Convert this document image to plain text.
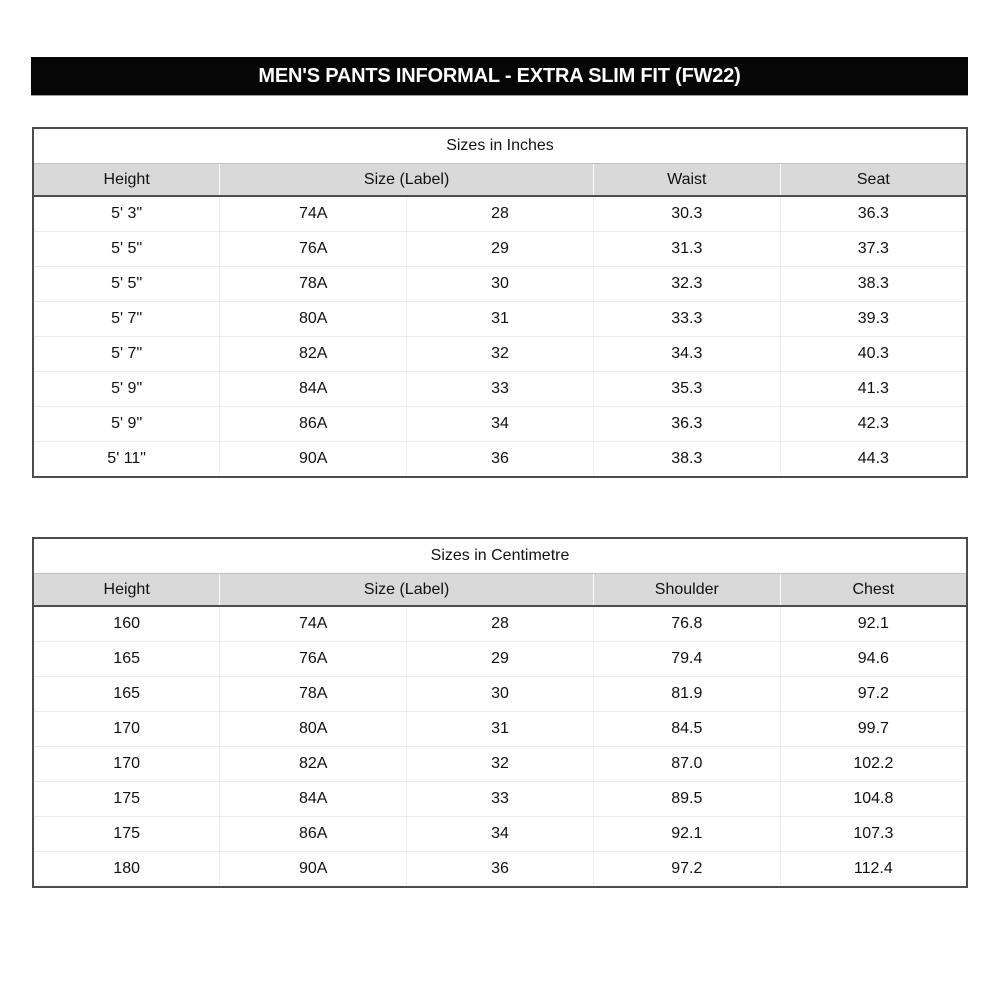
MEN'S PANTS INFORMAL - EXTRA SLIM FIT (FW22)
Sizes in Inches				
Height	Size (Label)		Waist	Seat
5' 3"	74A	28	30.3	36.3
5' 5"	76A	29	31.3	37.3
5' 5"	78A	30	32.3	38.3
5' 7"	80A	31	33.3	39.3
5' 7"	82A	32	34.3	40.3
5' 9"	84A	33	35.3	41.3
5' 9"	86A	34	36.3	42.3
5' 11"	90A	36	38.3	44.3
Sizes in Centimetre				
Height	Size (Label)		Shoulder	Chest
160	74A	28	76.8	92.1
165	76A	29	79.4	94.6
165	78A	30	81.9	97.2
170	80A	31	84.5	99.7
170	82A	32	87.0	102.2
175	84A	33	89.5	104.8
175	86A	34	92.1	107.3
180	90A	36	97.2	112.4
